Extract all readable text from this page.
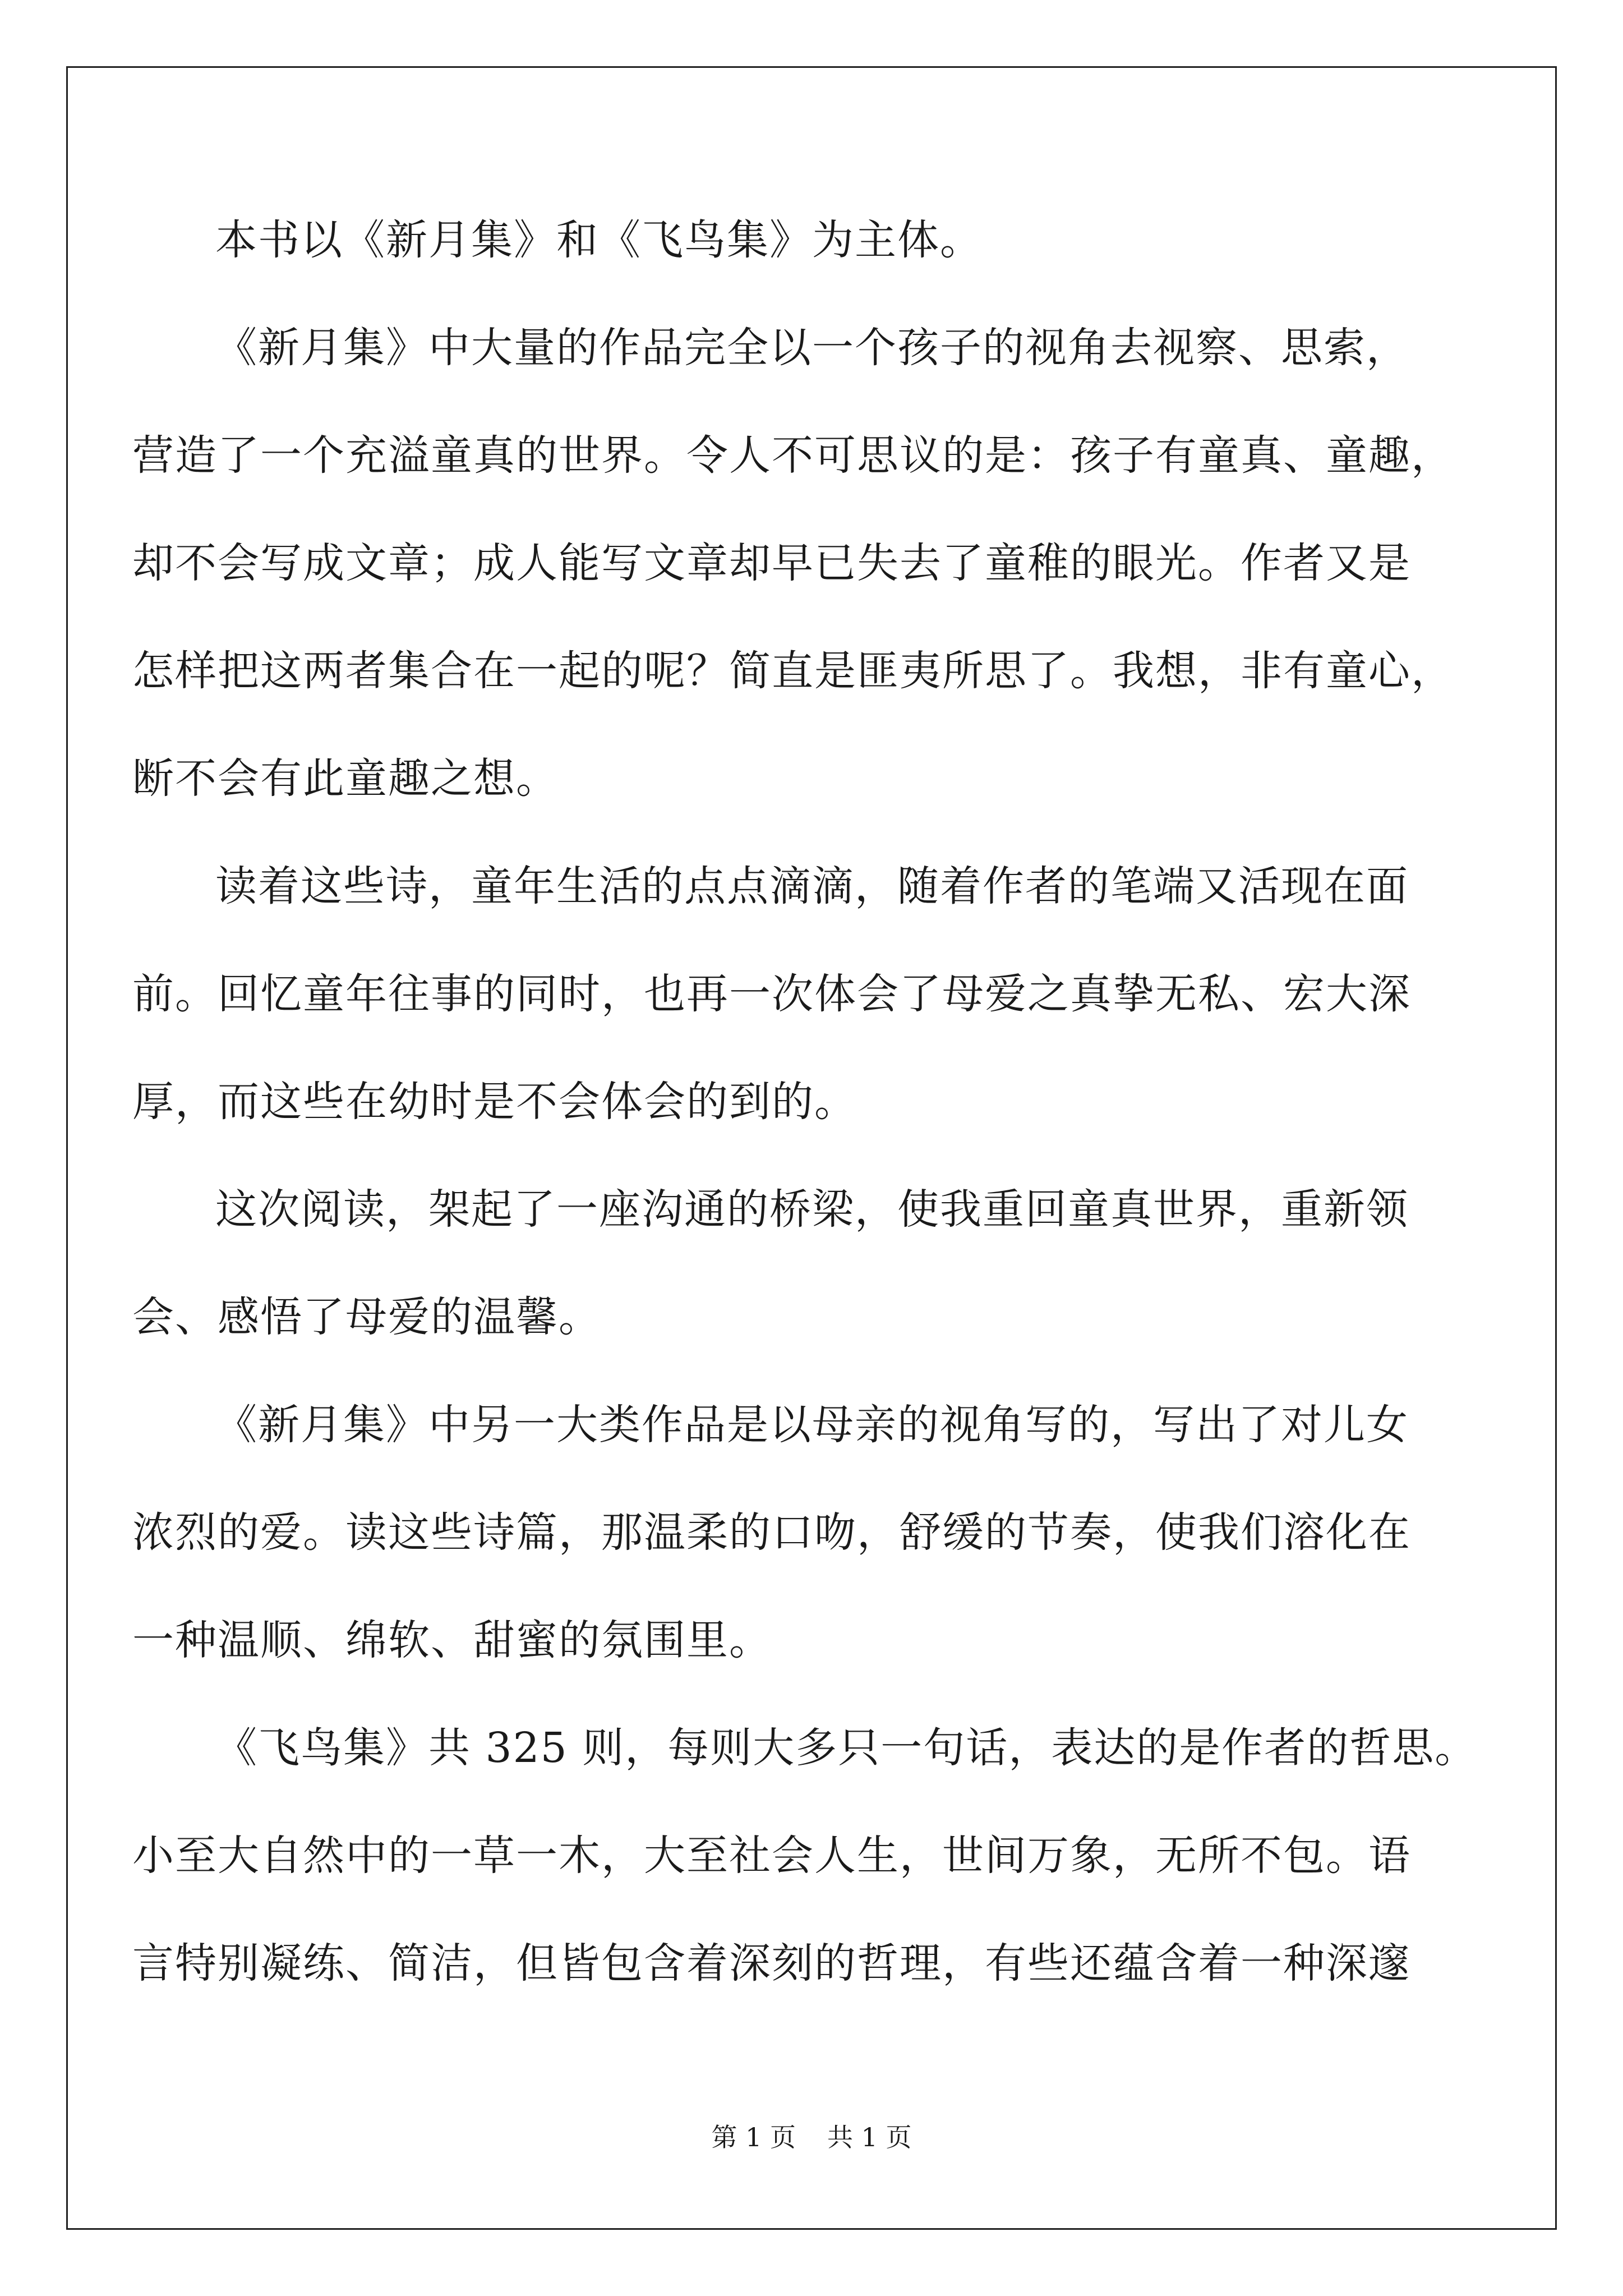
本书以《新月集》和《飞鸟集》为主体。
《新月集》中大量的作品完全以一个孩子的视角去视察、思索，
营造了一个充溢童真的世界。令人不可思议的是：孩子有童真、童趣，
却不会写成文章；成人能写文章却早已失去了童稚的眼光。作者又是
怎样把这两者集合在一起的呢？简直是匪夷所思了。我想，非有童心，
断不会有此童趣之想。
读着这些诗，童年生活的点点滴滴，随着作者的笔端又活现在面
前。回忆童年往事的同时，也再一次体会了母爱之真挚无私、宏大深
厚，而这些在幼时是不会体会的到的。
这次阅读，架起了一座沟通的桥梁，使我重回童真世界，重新领
会、感悟了母爱的温馨。
《新月集》中另一大类作品是以母亲的视角写的，写出了对儿女
浓烈的爱。读这些诗篇，那温柔的口吻，舒缓的节奏，使我们溶化在
一种温顺、绵软、甜蜜的氛围里。
《飞鸟集》共 325 则，每则大多只一句话，表达的是作者的哲思。
小至大自然中的一草一木，大至社会人生，世间万象，无所不包。语
言特别凝练、简洁，但皆包含着深刻的哲理，有些还蕴含着一种深邃
第 1 页 共 1 页
